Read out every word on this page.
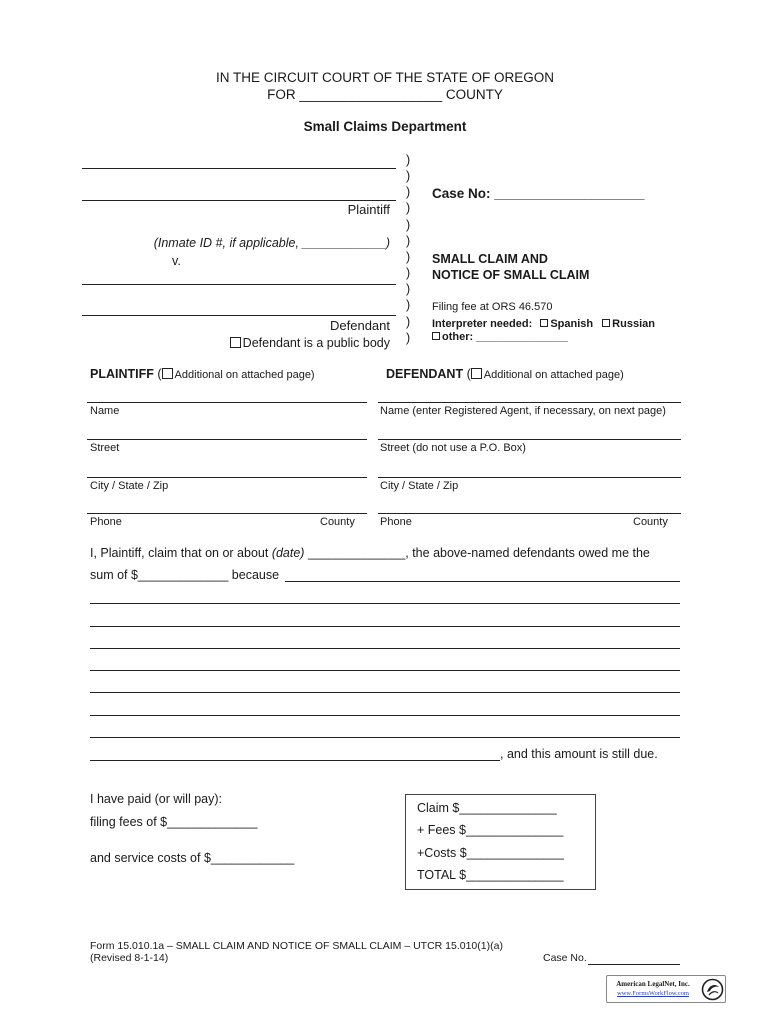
IN THE CIRCUIT COURT OF THE STATE OF OREGON
FOR ___________________ COUNTY
Small Claims Department
Plaintiff
(Inmate ID #, if applicable, ____________)
v.
Defendant
Defendant is a public body
)
)
)
)
)
)
)
)
)
)
)
)
Case No: ____________________
SMALL CLAIM AND
NOTICE OF SMALL CLAIM
Filing fee at ORS 46.570
Interpreter needed: Spanish Russian
other: _______________
PLAINTIFF ( Additional on attached page)	DEFENDANT ( Additional on attached page)
Name	Name (enter Registered Agent, if necessary, on next page)
Street	Street (do not use a P.O. Box)
City / State / Zip	City / State / Zip
Phone	County Phone	County
I, Plaintiff, claim that on or about (date) ______________, the above-named defendants owed me the
sum of $_____________ because
, and this amount is still due.
I have paid (or will pay):
filing fees of $_____________
and service costs of $____________
Claim $______________
+ Fees $______________
+Costs $______________
TOTAL $______________
Form 15.010.1a – SMALL CLAIM AND NOTICE OF SMALL CLAIM – UTCR 15.010(1)(a)
(Revised 8-1-14)	Case No.
American LegalNet, Inc.
www.FormsWorkFlow.com
